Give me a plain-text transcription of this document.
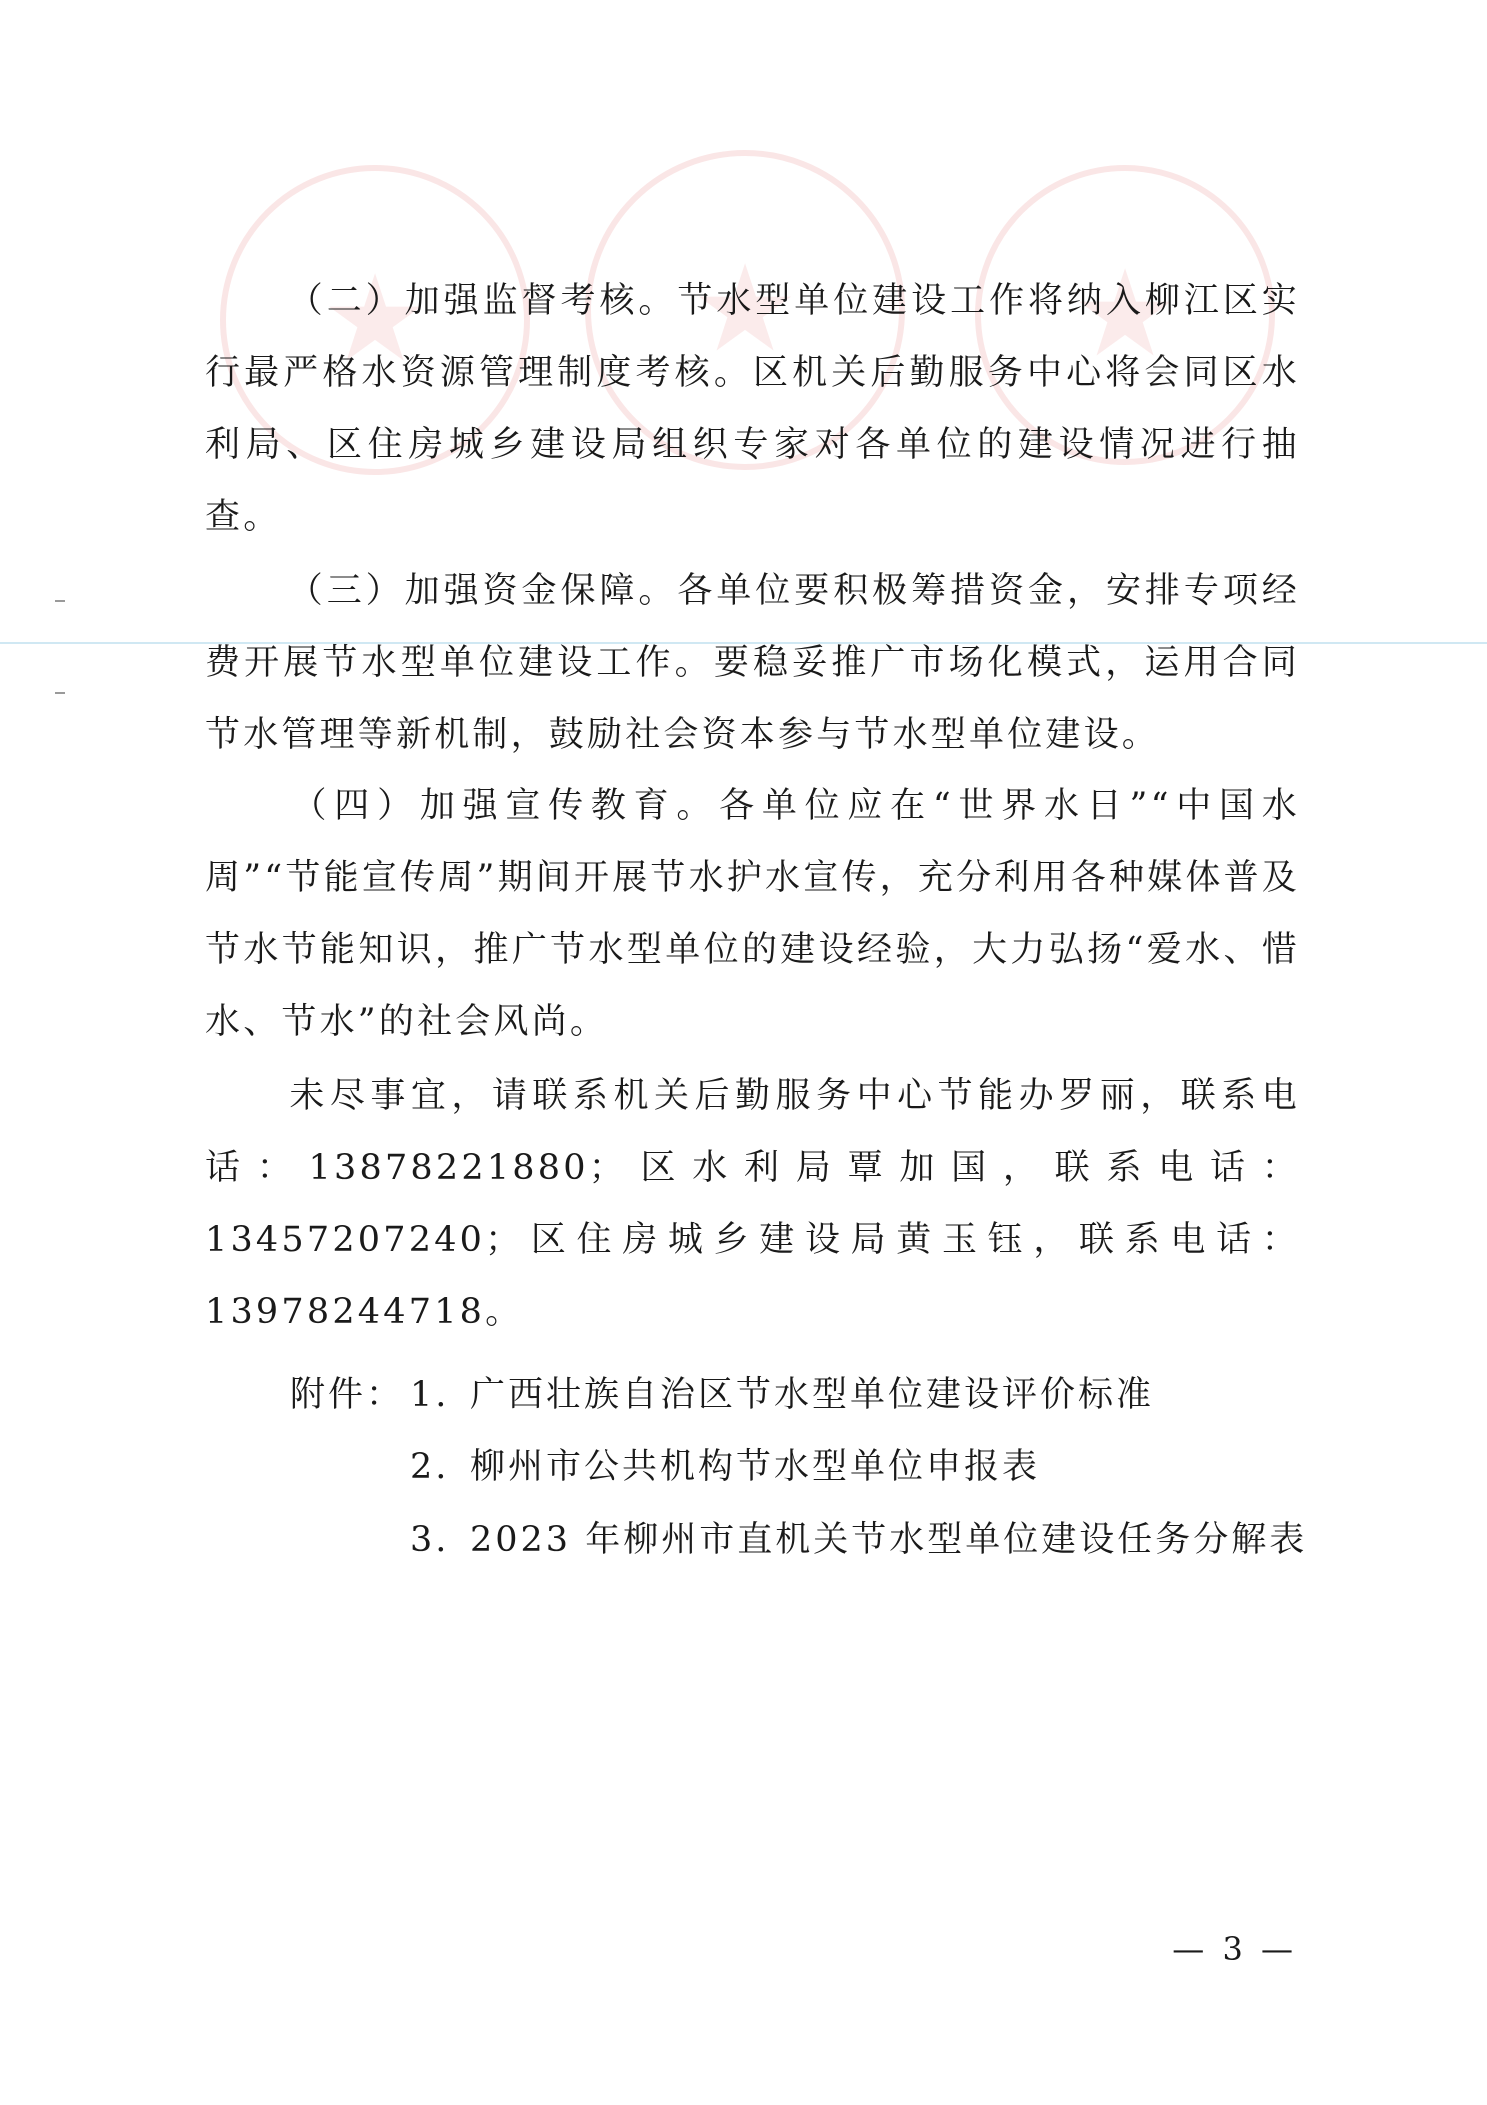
★ ★ ★

（二）加强监督考核。节水型单位建设工作将纳入柳江区实行最严格水资源管理制度考核。区机关后勤服务中心将会同区水利局、区住房城乡建设局组织专家对各单位的建设情况进行抽查。

（三）加强资金保障。各单位要积极筹措资金，安排专项经费开展节水型单位建设工作。要稳妥推广市场化模式，运用合同节水管理等新机制，鼓励社会资本参与节水型单位建设。

（四）加强宣传教育。各单位应在“世界水日”“中国水周”“节能宣传周”期间开展节水护水宣传，充分利用各种媒体普及节水节能知识，推广节水型单位的建设经验，大力弘扬“爱水、惜水、节水”的社会风尚。

未尽事宜，请联系机关后勤服务中心节能办罗丽，联系电话：13878221880；区水利局覃加国，联系电话：13457207240；区住房城乡建设局黄玉钰，联系电话：13978244718。

附件： 1. 广西壮族自治区节水型单位建设评价标准
2. 柳州市公共机构节水型单位申报表
3. 2023 年柳州市直机关节水型单位建设任务分解表
— 3 —
